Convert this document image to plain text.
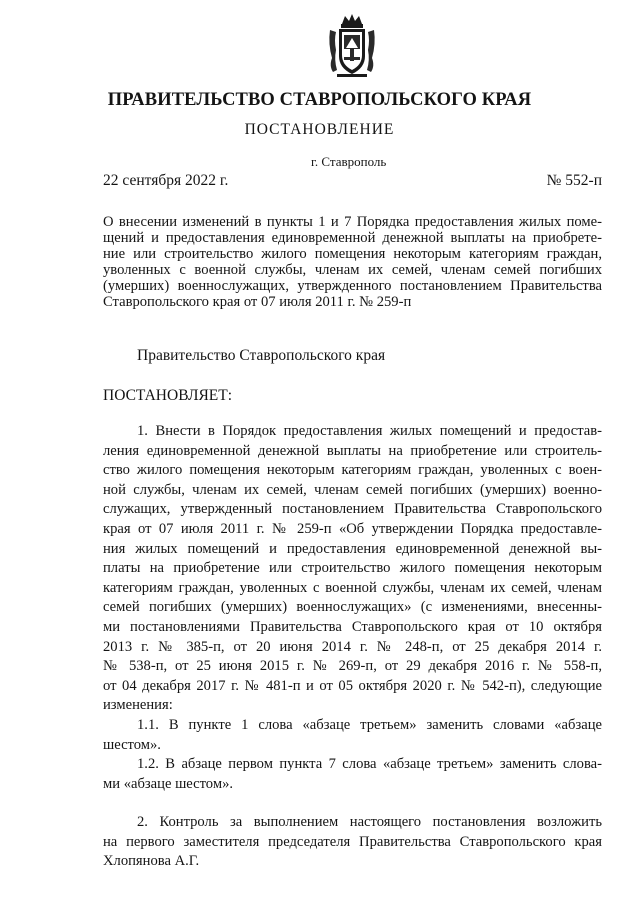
ПРАВИТЕЛЬСТВО СТАВРОПОЛЬСКОГО КРАЯ
ПОСТАНОВЛЕНИЕ
г. Ставрополь
22 сентября 2022 г.	№ 552-п
О внесении изменений в пункты 1 и 7 Порядка предоставления жилых поме-
щений и предоставления единовременной денежной выплаты на приобрете-
ние или строительство жилого помещения некоторым категориям граждан,
уволенных с военной службы, членам их семей, членам семей погибших
(умерших) военнослужащих, утвержденного постановлением Правительства
Ставропольского края от 07 июля 2011 г. № 259-п
Правительство Ставропольского края
ПОСТАНОВЛЯЕТ:
1. Внести в Порядок предоставления жилых помещений и предостав-
ления единовременной денежной выплаты на приобретение или строитель-
ство жилого помещения некоторым категориям граждан, уволенных с воен-
ной службы, членам их семей, членам семей погибших (умерших) военно-
служащих, утвержденный постановлением Правительства Ставропольского
края от 07 июля 2011 г. № 259-п «Об утверждении Порядка предоставле-
ния жилых помещений и предоставления единовременной денежной вы-
платы на приобретение или строительство жилого помещения некоторым
категориям граждан, уволенных с военной службы, членам их семей, членам
семей погибших (умерших) военнослужащих» (с изменениями, внесенны-
ми постановлениями Правительства Ставропольского края от 10 октября
2013 г. № 385-п, от 20 июня 2014 г. № 248-п, от 25 декабря 2014 г.
№ 538-п, от 25 июня 2015 г. № 269-п, от 29 декабря 2016 г. № 558-п,
от 04 декабря 2017 г. № 481-п и от 05 октября 2020 г. № 542-п), следующие
изменения:
1.1. В пункте 1 слова «абзаце третьем» заменить словами «абзаце
шестом».
1.2. В абзаце первом пункта 7 слова «абзаце третьем» заменить слова-
ми «абзаце шестом».
2. Контроль за выполнением настоящего постановления возложить
на первого заместителя председателя Правительства Ставропольского края
Хлопянова А.Г.
